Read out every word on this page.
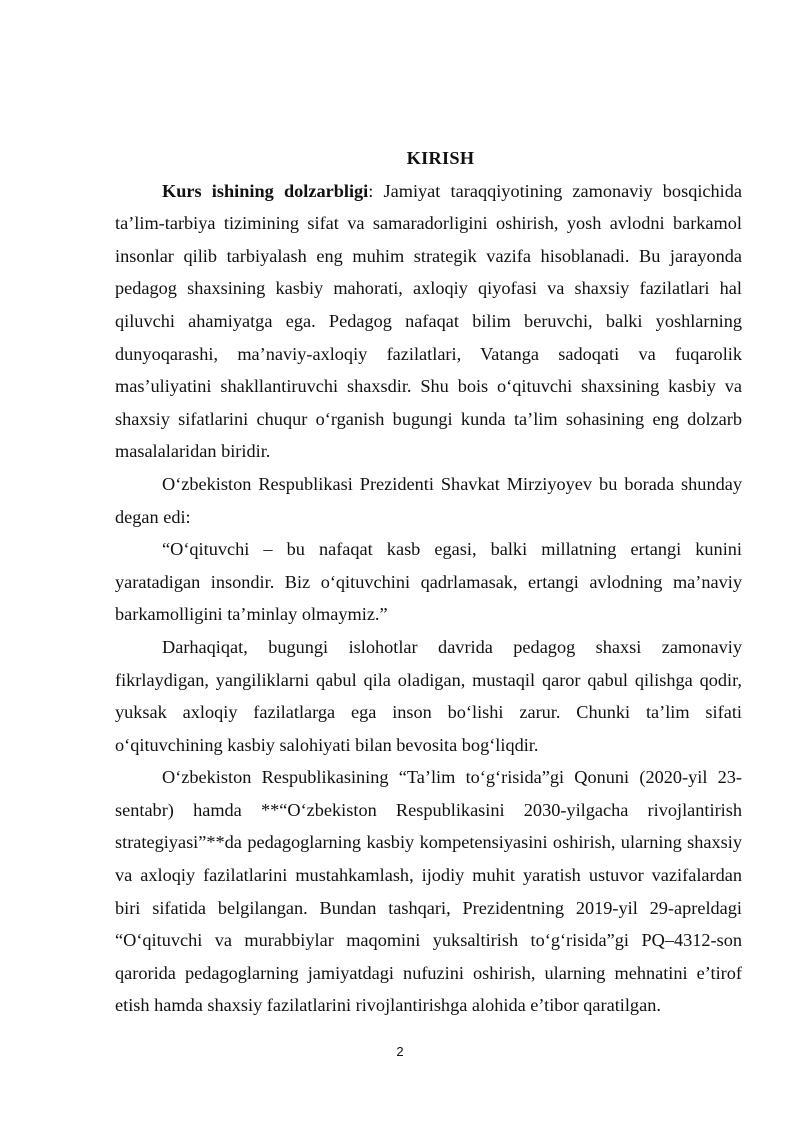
KIRISH

Kurs ishining dolzarbligi: Jamiyat taraqqiyotining zamonaviy bosqichida ta’lim-tarbiya tizimining sifat va samaradorligini oshirish, yosh avlodni barkamol insonlar qilib tarbiyalash eng muhim strategik vazifa hisoblanadi. Bu jarayonda pedagog shaxsining kasbiy mahorati, axloqiy qiyofasi va shaxsiy fazilatlari hal qiluvchi ahamiyatga ega. Pedagog nafaqat bilim beruvchi, balki yoshlarning dunyoqarashi, ma’naviy-axloqiy fazilatlari, Vatanga sadoqati va fuqarolik mas’uliyatini shakllantiruvchi shaxsdir. Shu bois o‘qituvchi shaxsining kasbiy va shaxsiy sifatlarini chuqur o‘rganish bugungi kunda ta’lim sohasining eng dolzarb masalalaridan biridir.

O‘zbekiston Respublikasi Prezidenti Shavkat Mirziyoyev bu borada shunday degan edi:

“O‘qituvchi – bu nafaqat kasb egasi, balki millatning ertangi kunini yaratadigan insondir. Biz o‘qituvchini qadrlamasak, ertangi avlodning ma’naviy barkamolligini ta’minlay olmaymiz.”

Darhaqiqat, bugungi islohotlar davrida pedagog shaxsi zamonaviy fikrlaydigan, yangiliklarni qabul qila oladigan, mustaqil qaror qabul qilishga qodir, yuksak axloqiy fazilatlarga ega inson bo‘lishi zarur. Chunki ta’lim sifati o‘qituvchining kasbiy salohiyati bilan bevosita bog‘liqdir.

O‘zbekiston Respublikasining “Ta’lim to‘g‘risida”gi Qonuni (2020-yil 23-sentabr) hamda **“O‘zbekiston Respublikasini 2030-yilgacha rivojlantirish strategiyasi”**da pedagoglarning kasbiy kompetensiyasini oshirish, ularning shaxsiy va axloqiy fazilatlarini mustahkamlash, ijodiy muhit yaratish ustuvor vazifalardan biri sifatida belgilangan. Bundan tashqari, Prezidentning 2019-yil 29-apreldagi “O‘qituvchi va murabbiylar maqomini yuksaltirish to‘g‘risida”gi PQ–4312-son qarorida pedagoglarning jamiyatdagi nufuzini oshirish, ularning mehnatini e’tirof etish hamda shaxsiy fazilatlarini rivojlantirishga alohida e’tibor qaratilgan.

2
